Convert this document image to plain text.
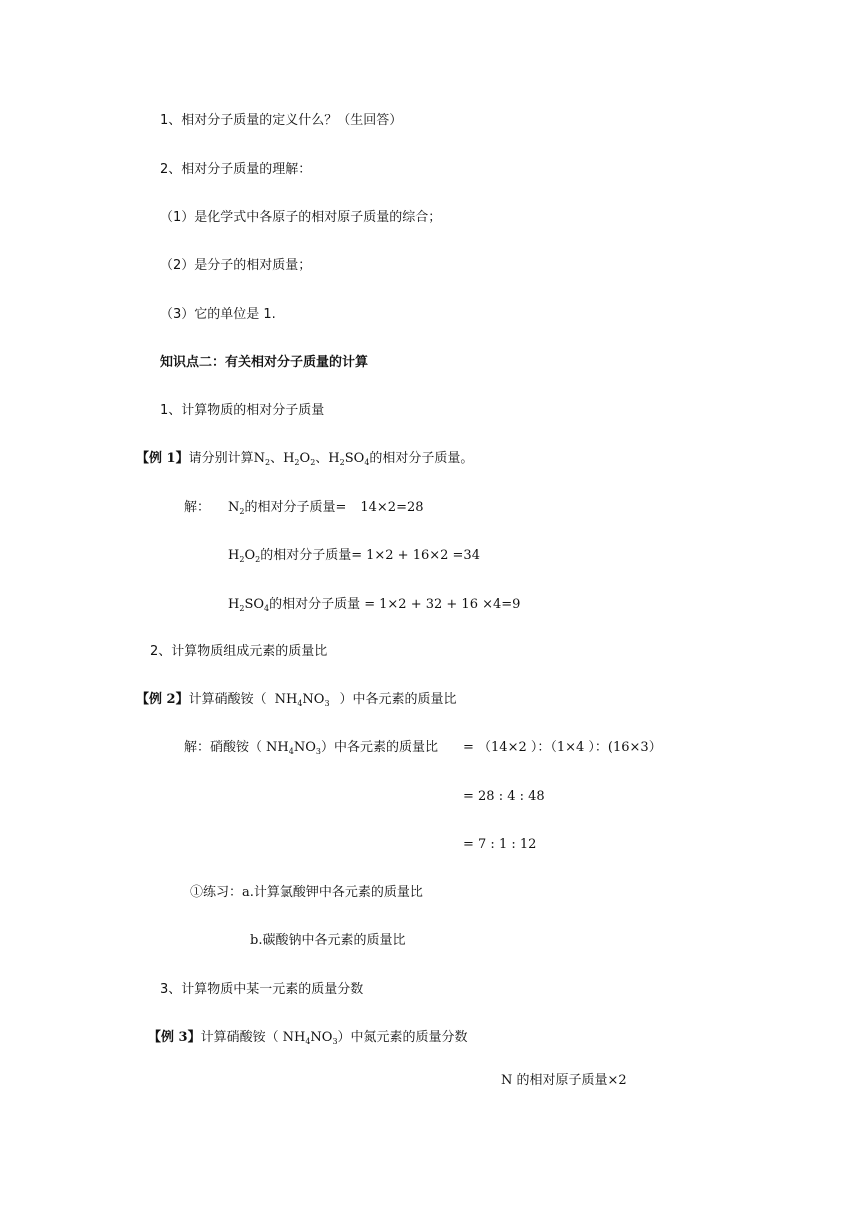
1、相对分子质量的定义什么？（生回答）
2、相对分子质量的理解：
（1）是化学式中各原子的相对原子质量的综合；
（2）是分子的相对质量；
（3）它的单位是 1.
知识点二：有关相对分子质量的计算
1、计算物质的相对分子质量
【例 1】请分别计算$N_2$、$H_2O_2$、$H_2SO_4$的相对分子质量。
解： $N_2$的相对分子质量= 14×2=28
$H_2O_2$的相对分子质量= 1×2 + 16×2 =34
$H_2SO_4$的相对分子质量 = 1×2 + 32 + 16 ×4=9
2、计算物质组成元素的质量比
【例 2】计算硝酸铵（ $NH_4NO_3$ ）中各元素的质量比
解：硝酸铵（ $NH_4NO_3$）中各元素的质量比 = （14×2 ）：（1×4 ）：(16×3）
= 28 : 4 : 48
= 7 : 1 : 12
①练习：a.计算氯酸钾中各元素的质量比
b.碳酸钠中各元素的质量比
3、计算物质中某一元素的质量分数
【例 3】计算硝酸铵（ $NH_4NO_3$）中氮元素的质量分数
N 的相对原子质量×2
